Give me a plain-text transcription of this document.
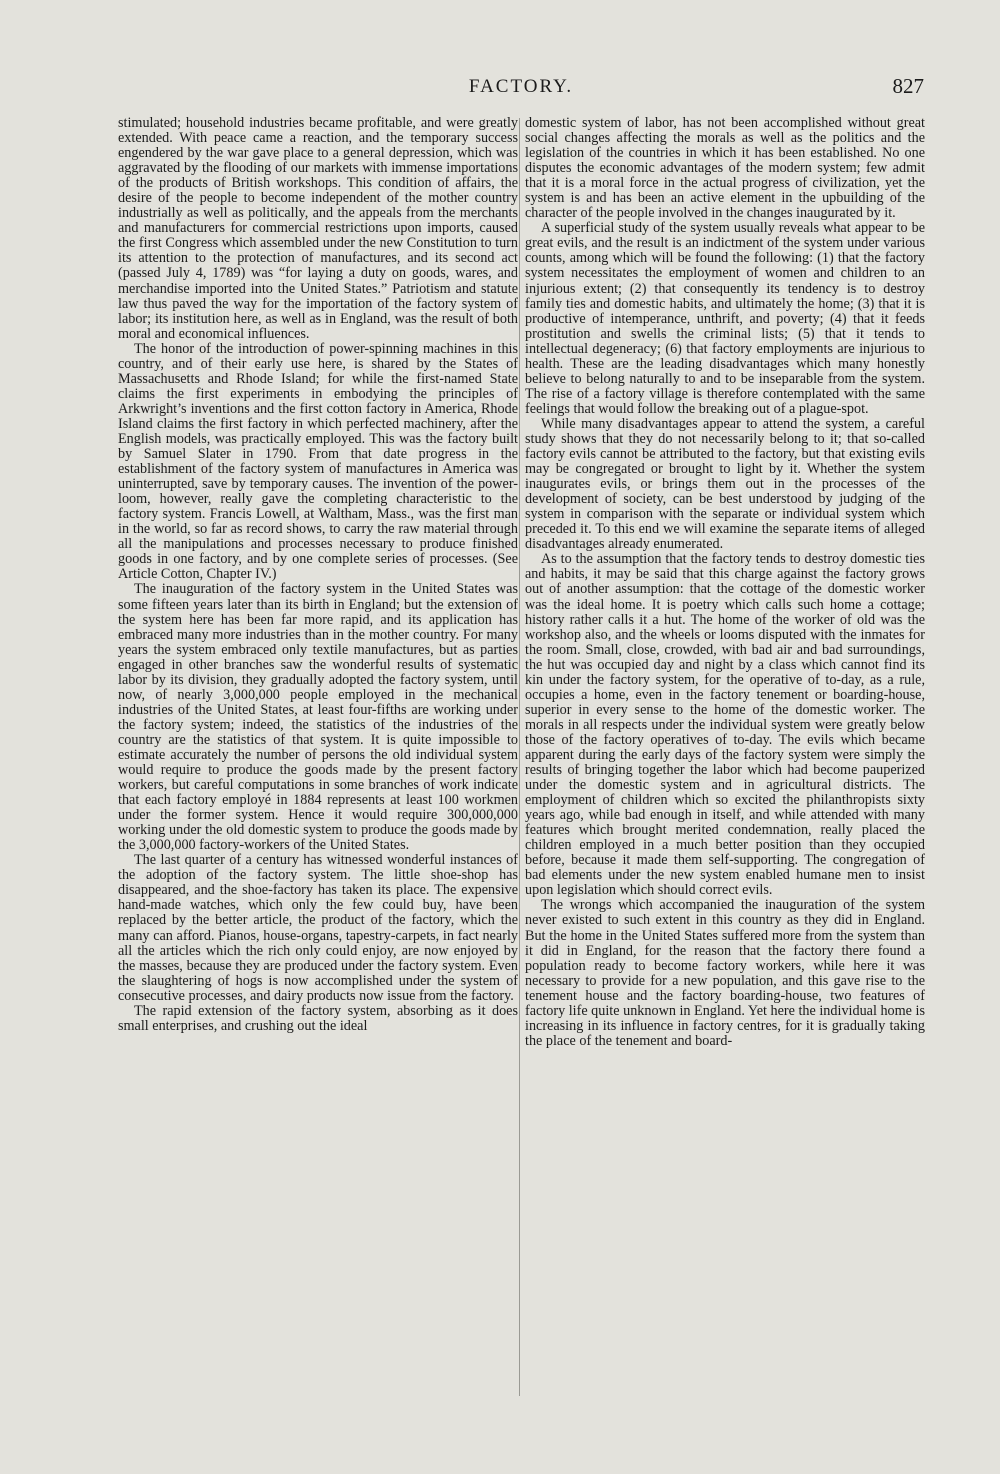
FACTORY.	827

stimulated; household industries became profitable, and were greatly extended. With peace came a reaction, and the temporary success engendered by the war gave place to a general depression, which was aggravated by the flooding of our markets with immense importations of the products of British workshops. This condition of affairs, the desire of the people to become independent of the mother country industrially as well as politically, and the appeals from the merchants and manufacturers for commercial restrictions upon imports, caused the first Congress which assembled under the new Constitution to turn its attention to the protection of manufactures, and its second act (passed July 4, 1789) was “for laying a duty on goods, wares, and merchandise imported into the United States.” Patriotism and statute law thus paved the way for the importation of the factory system of labor; its institution here, as well as in England, was the result of both moral and economical influences.

The honor of the introduction of power-spinning machines in this country, and of their early use here, is shared by the States of Massachusetts and Rhode Island; for while the first-named State claims the first experiments in embodying the principles of Arkwright’s inventions and the first cotton factory in America, Rhode Island claims the first factory in which perfected machinery, after the English models, was practically employed. This was the factory built by Samuel Slater in 1790. From that date progress in the establishment of the factory system of manufactures in America was uninterrupted, save by temporary causes. The invention of the power-loom, however, really gave the completing characteristic to the factory system. Francis Lowell, at Waltham, Mass., was the first man in the world, so far as record shows, to carry the raw material through all the manipulations and processes necessary to produce finished goods in one factory, and by one complete series of processes. (See Article Cotton, Chapter IV.)

The inauguration of the factory system in the United States was some fifteen years later than its birth in England; but the extension of the system here has been far more rapid, and its application has embraced many more industries than in the mother country. For many years the system embraced only textile manufactures, but as parties engaged in other branches saw the wonderful results of systematic labor by its division, they gradually adopted the factory system, until now, of nearly 3,000,000 people employed in the mechanical industries of the United States, at least four-fifths are working under the factory system; indeed, the statistics of the industries of the country are the statistics of that system. It is quite impossible to estimate accurately the number of persons the old individual system would require to produce the goods made by the present factory workers, but careful computations in some branches of work indicate that each factory employé in 1884 represents at least 100 workmen under the former system. Hence it would require 300,000,000 working under the old domestic system to produce the goods made by the 3,000,000 factory-workers of the United States.

The last quarter of a century has witnessed wonderful instances of the adoption of the factory system. The little shoe-shop has disappeared, and the shoe-factory has taken its place. The expensive hand-made watches, which only the few could buy, have been replaced by the better article, the product of the factory, which the many can afford. Pianos, house-organs, tapestry-carpets, in fact nearly all the articles which the rich only could enjoy, are now enjoyed by the masses, because they are produced under the factory system. Even the slaughtering of hogs is now accomplished under the system of consecutive processes, and dairy products now issue from the factory.

The rapid extension of the factory system, absorbing as it does small enterprises, and crushing out the ideal

domestic system of labor, has not been accomplished without great social changes affecting the morals as well as the politics and the legislation of the countries in which it has been established. No one disputes the economic advantages of the modern system; few admit that it is a moral force in the actual progress of civilization, yet the system is and has been an active element in the upbuilding of the character of the people involved in the changes inaugurated by it.

A superficial study of the system usually reveals what appear to be great evils, and the result is an indictment of the system under various counts, among which will be found the following: (1) that the factory system necessitates the employment of women and children to an injurious extent; (2) that consequently its tendency is to destroy family ties and domestic habits, and ultimately the home; (3) that it is productive of intemperance, unthrift, and poverty; (4) that it feeds prostitution and swells the criminal lists; (5) that it tends to intellectual degeneracy; (6) that factory employments are injurious to health. These are the leading disadvantages which many honestly believe to belong naturally to and to be inseparable from the system. The rise of a factory village is therefore contemplated with the same feelings that would follow the breaking out of a plague-spot.

While many disadvantages appear to attend the system, a careful study shows that they do not necessarily belong to it; that so-called factory evils cannot be attributed to the factory, but that existing evils may be congregated or brought to light by it. Whether the system inaugurates evils, or brings them out in the processes of the development of society, can be best understood by judging of the system in comparison with the separate or individual system which preceded it. To this end we will examine the separate items of alleged disadvantages already enumerated.

As to the assumption that the factory tends to destroy domestic ties and habits, it may be said that this charge against the factory grows out of another assumption: that the cottage of the domestic worker was the ideal home. It is poetry which calls such home a cottage; history rather calls it a hut. The home of the worker of old was the workshop also, and the wheels or looms disputed with the inmates for the room. Small, close, crowded, with bad air and bad surroundings, the hut was occupied day and night by a class which cannot find its kin under the factory system, for the operative of to-day, as a rule, occupies a home, even in the factory tenement or boarding-house, superior in every sense to the home of the domestic worker. The morals in all respects under the individual system were greatly below those of the factory operatives of to-day. The evils which became apparent during the early days of the factory system were simply the results of bringing together the labor which had become pauperized under the domestic system and in agricultural districts. The employment of children which so excited the philanthropists sixty years ago, while bad enough in itself, and while attended with many features which brought merited condemnation, really placed the children employed in a much better position than they occupied before, because it made them self-supporting. The congregation of bad elements under the new system enabled humane men to insist upon legislation which should correct evils.

The wrongs which accompanied the inauguration of the system never existed to such extent in this country as they did in England. But the home in the United States suffered more from the system than it did in England, for the reason that the factory there found a population ready to become factory workers, while here it was necessary to provide for a new population, and this gave rise to the tenement house and the factory boarding-house, two features of factory life quite unknown in England. Yet here the individual home is increasing in its influence in factory centres, for it is gradually taking the place of the tenement and board-
